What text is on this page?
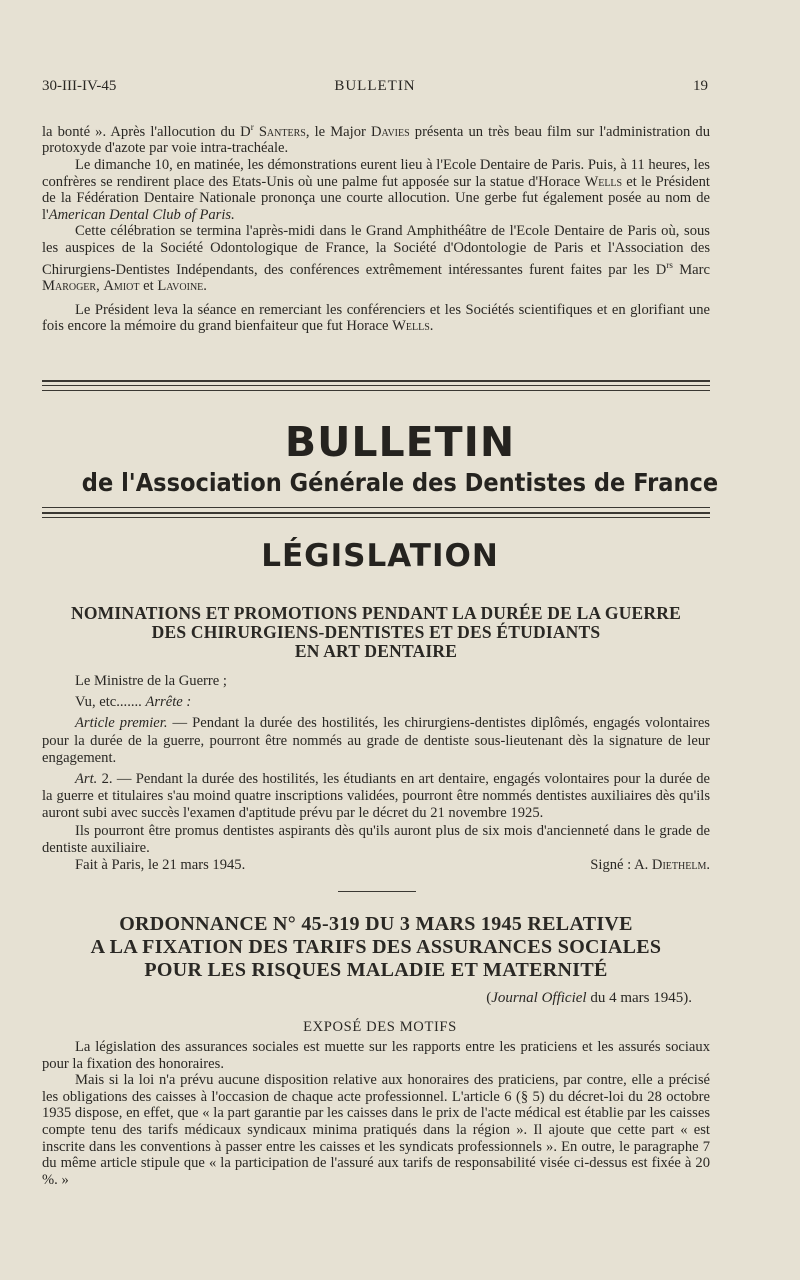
30-III-IV-45	BULLETIN	19

la bonté ». Après l'allocution du $D^r$ Santers, le Major Davies présenta un très beau film sur l'administration du protoxyde d'azote par voie intra-trachéale.

Le dimanche 10, en matinée, les démonstrations eurent lieu à l'Ecole Dentaire de Paris. Puis, à 11 heures, les confrères se rendirent place des Etats-Unis où une palme fut apposée sur la statue d'Horace Wells et le Président de la Fédération Dentaire Nationale prononça une courte allocution. Une gerbe fut également posée au nom de l'American Dental Club of Paris.

Cette célébration se termina l'après-midi dans le Grand Amphithéâtre de l'Ecole Dentaire de Paris où, sous les auspices de la Société Odontologique de France, la Société d'Odontologie de Paris et l'Association des Chirurgiens-Dentistes Indépendants, des conférences extrêmement intéressantes furent faites par les $D^{rs}$ Marc Maroger, Amiot et Lavoine.

Le Président leva la séance en remerciant les conférenciers et les Sociétés scientifiques et en glorifiant une fois encore la mémoire du grand bienfaiteur que fut Horace Wells.

BULLETIN
de l'Association Générale des Dentistes de France
LÉGISLATION
NOMINATIONS ET PROMOTIONS PENDANT LA DURÉE DE LA GUERRE
DES CHIRURGIENS-DENTISTES ET DES ÉTUDIANTS
EN ART DENTAIRE

Le Ministre de la Guerre ;

Vu, etc....... Arrête :

Article premier. — Pendant la durée des hostilités, les chirurgiens-dentistes diplômés, engagés volontaires pour la durée de la guerre, pourront être nommés au grade de dentiste sous-lieutenant dès la signature de leur engagement.

Art. 2. — Pendant la durée des hostilités, les étudiants en art dentaire, engagés volontaires pour la durée de la guerre et titulaires s'au moind quatre inscriptions validées, pourront être nommés dentistes auxiliaires dès qu'ils auront subi avec succès l'examen d'aptitude prévu par le décret du 21 novembre 1925.

Ils pourront être promus dentistes aspirants dès qu'ils auront plus de six mois d'ancienneté dans le grade de dentiste auxiliaire.

Fait à Paris, le 21 mars 1945.	Signé : A. Diethelm.

ORDONNANCE N° 45-319 DU 3 MARS 1945 RELATIVE
A LA FIXATION DES TARIFS DES ASSURANCES SOCIALES
POUR LES RISQUES MALADIE ET MATERNITÉ
(Journal Officiel du 4 mars 1945).
EXPOSÉ DES MOTIFS

La législation des assurances sociales est muette sur les rapports entre les praticiens et les assurés sociaux pour la fixation des honoraires.

Mais si la loi n'a prévu aucune disposition relative aux honoraires des praticiens, par contre, elle a précisé les obligations des caisses à l'occasion de chaque acte professionnel. L'article 6 (§ 5) du décret-loi du 28 octobre 1935 dispose, en effet, que « la part garantie par les caisses dans le prix de l'acte médical est établie par les caisses compte tenu des tarifs médicaux syndicaux minima pratiqués dans la région ». Il ajoute que cette part « est inscrite dans les conventions à passer entre les caisses et les syndicats professionnels ». En outre, le paragraphe 7 du même article stipule que « la participation de l'assuré aux tarifs de responsabilité visée ci-dessus est fixée à 20 %. »
